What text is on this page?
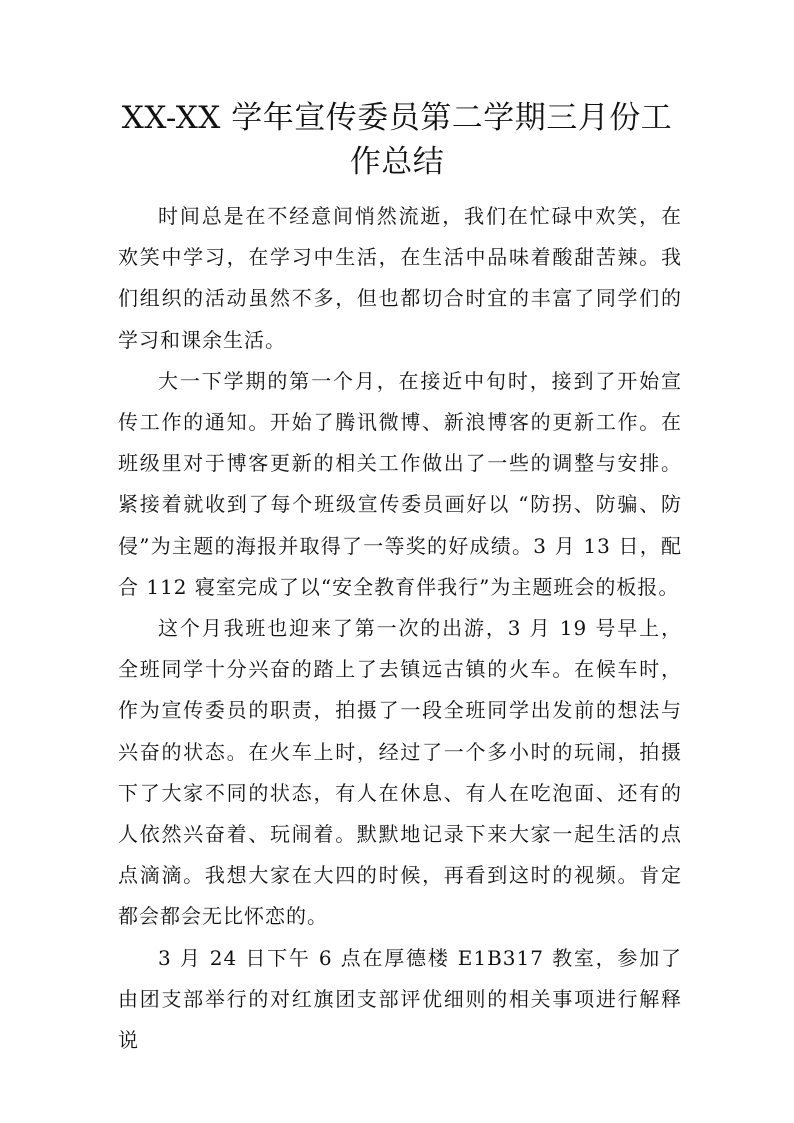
XX-XX 学年宣传委员第二学期三月份工
作总结

时间总是在不经意间悄然流逝，我们在忙碌中欢笑，在欢笑中学习，在学习中生活，在生活中品味着酸甜苦辣。我们组织的活动虽然不多，但也都切合时宜的丰富了同学们的学习和课余生活。

大一下学期的第一个月，在接近中旬时，接到了开始宣传工作的通知。开始了腾讯微博、新浪博客的更新工作。在班级里对于博客更新的相关工作做出了一些的调整与安排。紧接着就收到了每个班级宣传委员画好以 “防拐、防骗、防侵”为主题的海报并取得了一等奖的好成绩。3 月 13 日，配合 112 寝室完成了以“安全教育伴我行”为主题班会的板报。

这个月我班也迎来了第一次的出游，3 月 19 号早上，全班同学十分兴奋的踏上了去镇远古镇的火车。在候车时，作为宣传委员的职责，拍摄了一段全班同学出发前的想法与兴奋的状态。在火车上时，经过了一个多小时的玩闹，拍摄下了大家不同的状态，有人在休息、有人在吃泡面、还有的人依然兴奋着、玩闹着。默默地记录下来大家一起生活的点点滴滴。我想大家在大四的时候，再看到这时的视频。肯定都会都会无比怀恋的。

3 月 24 日下午 6 点在厚德楼 E1B317 教室，参加了由团支部举行的对红旗团支部评优细则的相关事项进行解释说
